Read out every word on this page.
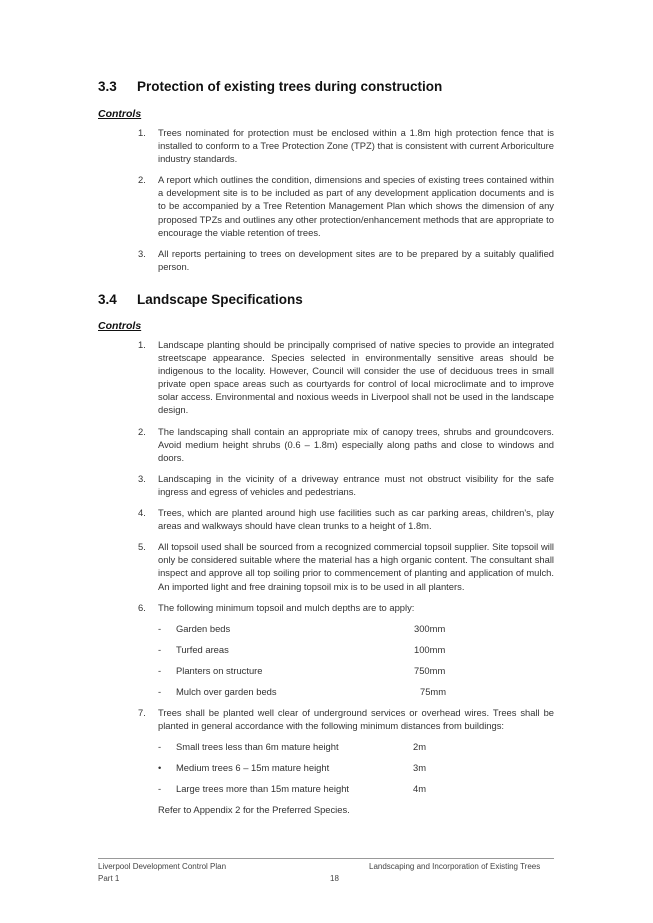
3.3 Protection of existing trees during construction
Controls
1. Trees nominated for protection must be enclosed within a 1.8m high protection fence that is installed to conform to a Tree Protection Zone (TPZ) that is consistent with current Arboriculture industry standards.
2. A report which outlines the condition, dimensions and species of existing trees contained within a development site is to be included as part of any development application documents and is to be accompanied by a Tree Retention Management Plan which shows the dimension of any proposed TPZs and outlines any other protection/enhancement methods that are appropriate to encourage the viable retention of trees.
3. All reports pertaining to trees on development sites are to be prepared by a suitably qualified person.
3.4 Landscape Specifications
Controls
1. Landscape planting should be principally comprised of native species to provide an integrated streetscape appearance. Species selected in environmentally sensitive areas should be indigenous to the locality. However, Council will consider the use of deciduous trees in small private open space areas such as courtyards for control of local microclimate and to improve solar access. Environmental and noxious weeds in Liverpool shall not be used in the landscape design.
2. The landscaping shall contain an appropriate mix of canopy trees, shrubs and groundcovers. Avoid medium height shrubs (0.6 – 1.8m) especially along paths and close to windows and doors.
3. Landscaping in the vicinity of a driveway entrance must not obstruct visibility for the safe ingress and egress of vehicles and pedestrians.
4. Trees, which are planted around high use facilities such as car parking areas, children's, play areas and walkways should have clean trunks to a height of 1.8m.
5. All topsoil used shall be sourced from a recognized commercial topsoil supplier. Site topsoil will only be considered suitable where the material has a high organic content. The consultant shall inspect and approve all top soiling prior to commencement of planting and application of mulch. An imported light and free draining topsoil mix is to be used in all planters.
6. The following minimum topsoil and mulch depths are to apply:
- Garden beds	300mm
- Turfed areas	100mm
- Planters on structure	750mm
- Mulch over garden beds	75mm
7. Trees shall be planted well clear of underground services or overhead wires. Trees shall be planted in general accordance with the following minimum distances from buildings:
- Small trees less than 6m mature height	2m
• Medium trees 6 – 15m mature height	3m
- Large trees more than 15m mature height	4m
Refer to Appendix 2 for the Preferred Species.
Liverpool Development Control Plan
Part 1
Landscaping and Incorporation of Existing Trees
18
